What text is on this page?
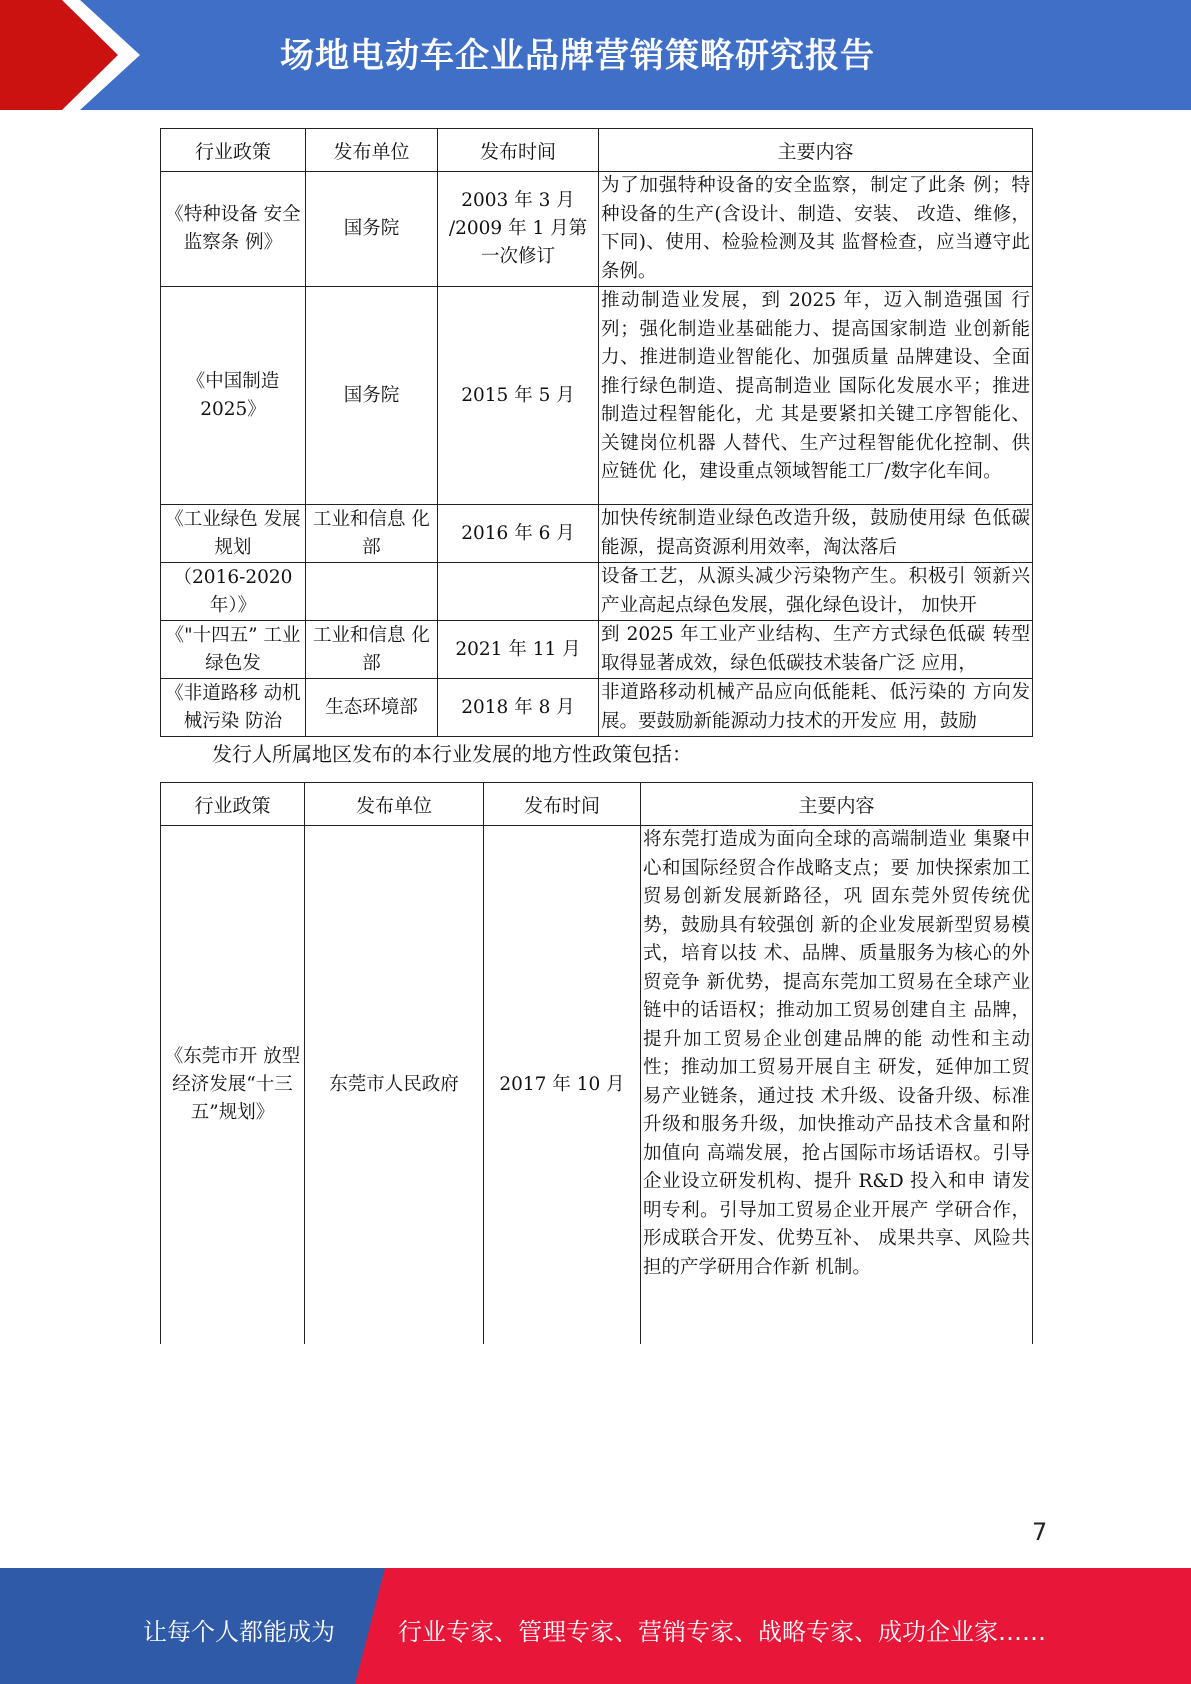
场地电动车企业品牌营销策略研究报告
行业政策	发布单位	发布时间	主要内容
《特种设备 安全监察条 例》	国务院	2003 年 3 月 /2009 年 1 月第一次修订	为了加强特种设备的安全监察，制定了此条 例；特种设备的生产(含设计、制造、安装、 改造、维修，下同)、使用、检验检测及其 监督检查，应当遵守此条例。
《中国制造 2025》	国务院	2015 年 5 月	推动制造业发展，到 2025 年，迈入制造强国 行列；强化制造业基础能力、提高国家制造 业创新能力、推进制造业智能化、加强质量 品牌建设、全面推行绿色制造、提高制造业 国际化发展水平；推进制造过程智能化，尤 其是要紧扣关键工序智能化、关键岗位机器 人替代、生产过程智能优化控制、供应链优 化，建设重点领域智能工厂/数字化车间。
《工业绿色 发展规划	工业和信息 化部	2016 年 6 月	加快传统制造业绿色改造升级，鼓励使用绿 色低碳能源，提高资源利用效率，淘汰落后
（2016-2020 年）》			设备工艺，从源头减少污染物产生。积极引 领新兴产业高起点绿色发展，强化绿色设计， 加快开
《"十四五” 工业绿色发	工业和信息 化部	2021 年 11 月	到 2025 年工业产业结构、生产方式绿色低碳 转型取得显著成效，绿色低碳技术装备广泛 应用，
《非道路移 动机械污染 防治	生态环境部	2018 年 8 月	非道路移动机械产品应向低能耗、低污染的 方向发展。要鼓励新能源动力技术的开发应 用，鼓励
发行人所属地区发布的本行业发展的地方性政策包括：
行业政策	发布单位	发布时间	主要内容
《东莞市开 放型经济发展“十三 五”规划》	东莞市人民政府	2017 年 10 月	将东莞打造成为面向全球的高端制造业 集聚中心和国际经贸合作战略支点；要 加快探索加工贸易创新发展新路径，巩 固东莞外贸传统优势，鼓励具有较强创 新的企业发展新型贸易模式，培育以技 术、品牌、质量服务为核心的外贸竞争 新优势，提高东莞加工贸易在全球产业 链中的话语权；推动加工贸易创建自主 品牌，提升加工贸易企业创建品牌的能 动性和主动性；推动加工贸易开展自主 研发，延伸加工贸易产业链条，通过技 术升级、设备升级、标准升级和服务升级，加快推动产品技术含量和附加值向 高端发展，抢占国际市场话语权。引导 企业设立研发机构、提升 R&D 投入和申 请发明专利。引导加工贸易企业开展产 学研合作，形成联合开发、优势互补、 成果共享、风险共担的产学研用合作新 机制。
7
让每个人都能成为	行业专家、管理专家、营销专家、战略专家、成功企业家……
